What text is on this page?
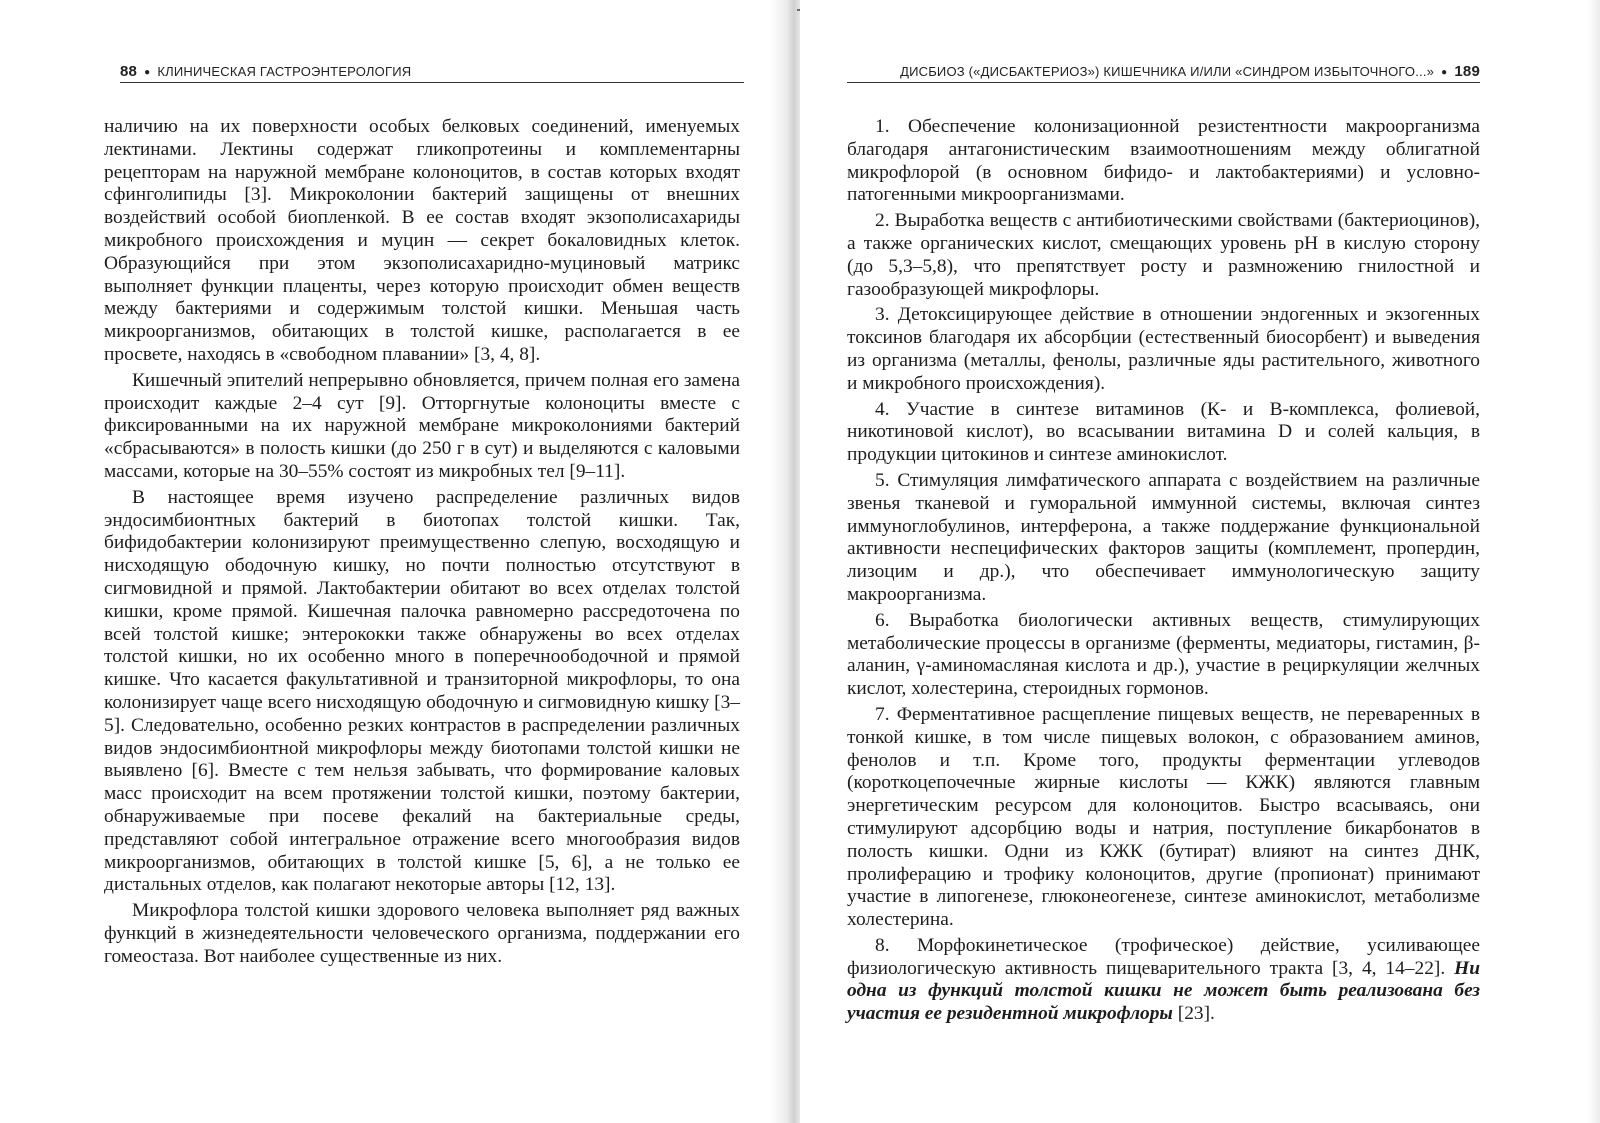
88 ● КЛИНИЧЕСКАЯ ГАСТРОЭНТЕРОЛОГИЯ

наличию на их поверхности особых белковых соединений, именуемых лектинами. Лектины содержат гликопротеины и комплементарны рецепторам на наружной мембране колоноцитов, в состав которых входят сфинголипиды [3]. Микроколонии бактерий защищены от внешних воздействий особой биопленкой. В ее состав входят экзополисахариды микробного происхождения и муцин — секрет бокаловидных клеток. Образующийся при этом экзополисахаридно-муциновый матрикс выполняет функции плаценты, через которую происходит обмен веществ между бактериями и содержимым толстой кишки. Меньшая часть микроорганизмов, обитающих в толстой кишке, располагается в ее просвете, находясь в «свободном плавании» [3, 4, 8].

Кишечный эпителий непрерывно обновляется, причем полная его замена происходит каждые 2–4 сут [9]. Отторгнутые колоноциты вместе с фиксированными на их наружной мембране микроколониями бактерий «сбрасываются» в полость кишки (до 250 г в сут) и выделяются с каловыми массами, которые на 30–55% состоят из микробных тел [9–11].

В настоящее время изучено распределение различных видов эндосимбионтных бактерий в биотопах толстой кишки. Так, бифидобактерии колонизируют преимущественно слепую, восходящую и нисходящую ободочную кишку, но почти полностью отсутствуют в сигмовидной и прямой. Лактобактерии обитают во всех отделах толстой кишки, кроме прямой. Кишечная палочка равномерно рассредоточена по всей толстой кишке; энтерококки также обнаружены во всех отделах толстой кишки, но их особенно много в поперечноободочной и прямой кишке. Что касается факультативной и транзиторной микрофлоры, то она колонизирует чаще всего нисходящую ободочную и сигмовидную кишку [3–5]. Следовательно, особенно резких контрастов в распределении различных видов эндосимбионтной микрофлоры между биотопами толстой кишки не выявлено [6]. Вместе с тем нельзя забывать, что формирование каловых масс происходит на всем протяжении толстой кишки, поэтому бактерии, обнаруживаемые при посеве фекалий на бактериальные среды, представляют собой интегральное отражение всего многообразия видов микроорганизмов, обитающих в толстой кишке [5, 6], а не только ее дистальных отделов, как полагают некоторые авторы [12, 13].

Микрофлора толстой кишки здорового человека выполняет ряд важных функций в жизнедеятельности человеческого организма, поддержании его гомеостаза. Вот наиболее существенные из них.

ДИСБИОЗ («ДИСБАКТЕРИОЗ») КИШЕЧНИКА И/ИЛИ «СИНДРОМ ИЗБЫТОЧНОГО...» ● 189

1. Обеспечение колонизационной резистентности макроорганизма благодаря антагонистическим взаимоотношениям между облигатной микрофлорой (в основном бифидо- и лактобактериями) и условно-патогенными микроорганизмами.

2. Выработка веществ с антибиотическими свойствами (бактериоцинов), а также органических кислот, смещающих уровень pH в кислую сторону (до 5,3–5,8), что препятствует росту и размножению гнилостной и газообразующей микрофлоры.

3. Детоксицирующее действие в отношении эндогенных и экзогенных токсинов благодаря их абсорбции (естественный биосорбент) и выведения из организма (металлы, фенолы, различные яды растительного, животного и микробного происхождения).

4. Участие в синтезе витаминов (К- и В-комплекса, фолиевой, никотиновой кислот), во всасывании витамина D и солей кальция, в продукции цитокинов и синтезе аминокислот.

5. Стимуляция лимфатического аппарата с воздействием на различные звенья тканевой и гуморальной иммунной системы, включая синтез иммуноглобулинов, интерферона, а также поддержание функциональной активности неспецифических факторов защиты (комплемент, пропердин, лизоцим и др.), что обеспечивает иммунологическую защиту макроорганизма.

6. Выработка биологически активных веществ, стимулирующих метаболические процессы в организме (ферменты, медиаторы, гистамин, β-аланин, γ-аминомасляная кислота и др.), участие в рециркуляции желчных кислот, холестерина, стероидных гормонов.

7. Ферментативное расщепление пищевых веществ, не переваренных в тонкой кишке, в том числе пищевых волокон, с образованием аминов, фенолов и т.п. Кроме того, продукты ферментации углеводов (короткоцепочечные жирные кислоты — КЖК) являются главным энергетическим ресурсом для колоноцитов. Быстро всасываясь, они стимулируют адсорбцию воды и натрия, поступление бикарбонатов в полость кишки. Одни из КЖК (бутират) влияют на синтез ДНК, пролиферацию и трофику колоноцитов, другие (пропионат) принимают участие в липогенезе, глюконеогенезе, синтезе аминокислот, метаболизме холестерина.

8. Морфокинетическое (трофическое) действие, усиливающее физиологическую активность пищеварительного тракта [3, 4, 14–22]. Ни одна из функций толстой кишки не может быть реализована без участия ее резидентной микрофлоры [23].
